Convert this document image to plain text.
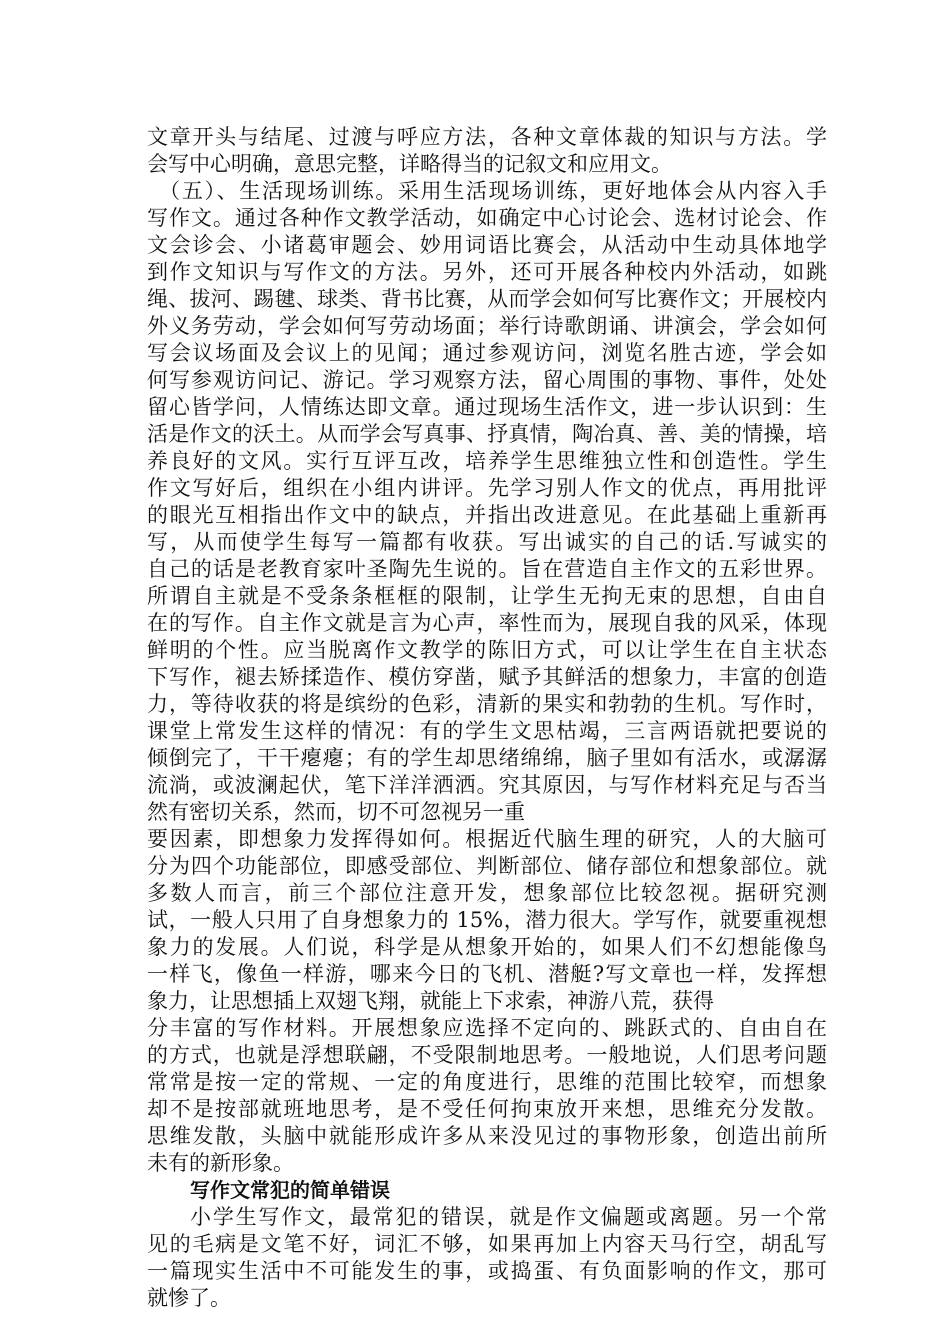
文章开头与结尾、过渡与呼应方法，各种文章体裁的知识与方法。学
会写中心明确，意思完整，详略得当的记叙文和应用文。
　（五）、生活现场训练。采用生活现场训练，更好地体会从内容入手
写作文。通过各种作文教学活动，如确定中心讨论会、选材讨论会、作
文会诊会、小诸葛审题会、妙用词语比赛会，从活动中生动具体地学
到作文知识与写作文的方法。另外，还可开展各种校内外活动，如跳
绳、拔河、踢毽、球类、背书比赛，从而学会如何写比赛作文；开展校内
外义务劳动，学会如何写劳动场面；举行诗歌朗诵、讲演会，学会如何
写会议场面及会议上的见闻；通过参观访问，浏览名胜古迹，学会如
何写参观访问记、游记。学习观察方法，留心周围的事物、事件，处处
留心皆学问，人情练达即文章。通过现场生活作文，进一步认识到：生
活是作文的沃土。从而学会写真事、抒真情，陶冶真、善、美的情操，培
养良好的文风。实行互评互改，培养学生思维独立性和创造性。学生
作文写好后，组织在小组内讲评。先学习别人作文的优点，再用批评
的眼光互相指出作文中的缺点，并指出改进意见。在此基础上重新再
写，从而使学生每写一篇都有收获。写出诚实的自己的话.写诚实的
自己的话是老教育家叶圣陶先生说的。旨在营造自主作文的五彩世界。
所谓自主就是不受条条框框的限制，让学生无拘无束的思想，自由自
在的写作。自主作文就是言为心声，率性而为，展现自我的风采，体现
鲜明的个性。应当脱离作文教学的陈旧方式，可以让学生在自主状态
下写作，褪去矫揉造作、模仿穿凿，赋予其鲜活的想象力，丰富的创造
力，等待收获的将是缤纷的色彩，清新的果实和勃勃的生机。写作时，
课堂上常发生这样的情况：有的学生文思枯竭，三言两语就把要说的
倾倒完了，干干瘪瘪；有的学生却思绪绵绵，脑子里如有活水，或潺潺
流淌，或波澜起伏，笔下洋洋洒洒。究其原因，与写作材料充足与否当
然有密切关系，然而，切不可忽视另一重
要因素，即想象力发挥得如何。根据近代脑生理的研究，人的大脑可
分为四个功能部位，即感受部位、判断部位、储存部位和想象部位。就
多数人而言，前三个部位注意开发，想象部位比较忽视。据研究测
试，一般人只用了自身想象力的 15%，潜力很大。学写作，就要重视想
象力的发展。人们说，科学是从想象开始的，如果人们不幻想能像鸟
一样飞，像鱼一样游，哪来今日的飞机、潜艇?写文章也一样，发挥想
象力，让思想插上双翅飞翔，就能上下求索，神游八荒，获得
分丰富的写作材料。开展想象应选择不定向的、跳跃式的、自由自在
的方式，也就是浮想联翩，不受限制地思考。一般地说，人们思考问题
常常是按一定的常规、一定的角度进行，思维的范围比较窄，而想象
却不是按部就班地思考，是不受任何拘束放开来想，思维充分发散。
思维发散，头脑中就能形成许多从来没见过的事物形象，创造出前所
未有的新形象。
写作文常犯的简单错误
小学生写作文，最常犯的错误，就是作文偏题或离题。另一个常
见的毛病是文笔不好，词汇不够，如果再加上内容天马行空，胡乱写
一篇现实生活中不可能发生的事，或捣蛋、有负面影响的作文，那可
就惨了。
